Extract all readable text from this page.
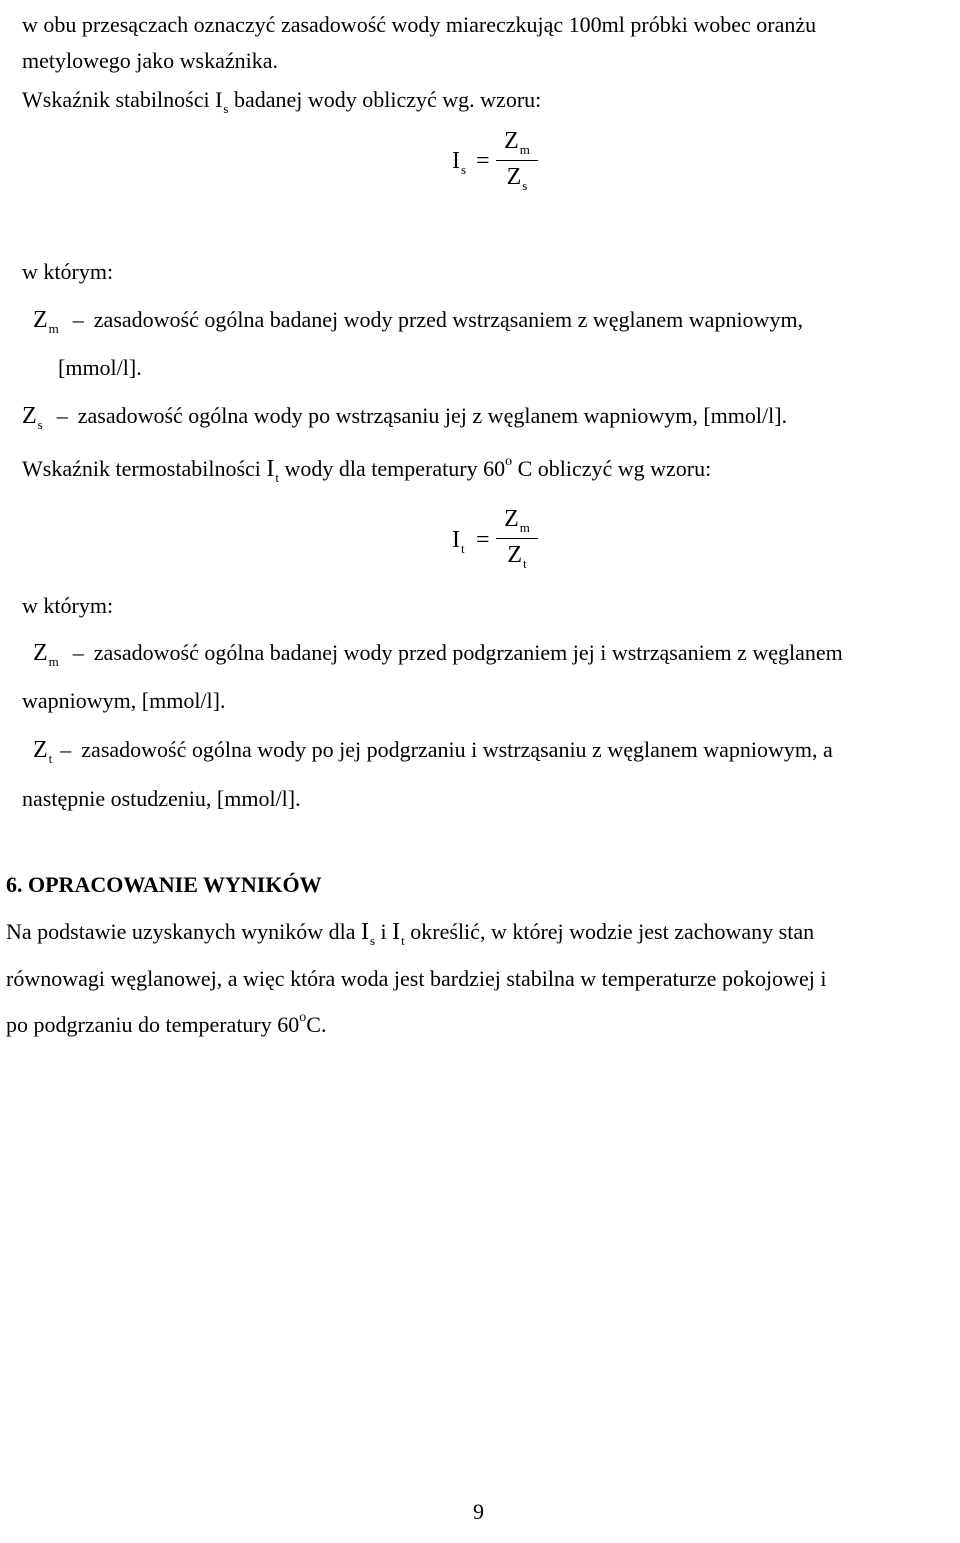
w obu przesączach oznaczyć zasadowość wody miareczkując 100ml próbki wobec oranżu
metylowego jako wskaźnika.
Wskaźnik stabilności $I_s$ badanej wody obliczyć wg. wzoru:
$I_s$ =
$Z_m$
$Z_s$
w którym:
$Z_m$ – zasadowość ogólna badanej wody przed wstrząsaniem z węglanem wapniowym,
[mmol/l].
$Z_s$ – zasadowość ogólna wody po wstrząsaniu jej z węglanem wapniowym, [mmol/l].
Wskaźnik termostabilności $I_t$ wody dla temperatury 60$^o$ C obliczyć wg wzoru:
$I_t$ =
$Z_m$
$Z_t$
w którym:
$Z_m$ – zasadowość ogólna badanej wody przed podgrzaniem jej i wstrząsaniem z węglanem
wapniowym, [mmol/l].
$Z_t$ – zasadowość ogólna wody po jej podgrzaniu i wstrząsaniu z węglanem wapniowym, a
następnie ostudzeniu, [mmol/l].
6. OPRACOWANIE WYNIKÓW
Na podstawie uzyskanych wyników dla $I_s$ i $I_t$ określić, w której wodzie jest zachowany stan
równowagi węglanowej, a więc która woda jest bardziej stabilna w temperaturze pokojowej i
po podgrzaniu do temperatury 60$^o$C.
9
